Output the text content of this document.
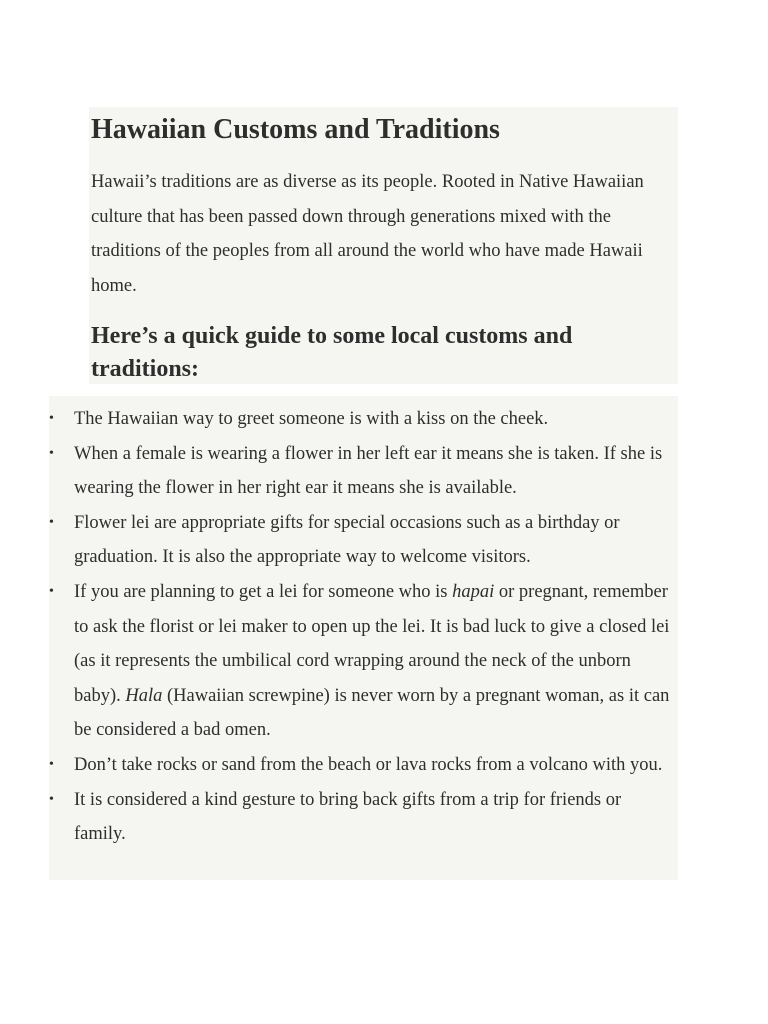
Hawaiian Customs and Traditions

Hawaii’s traditions are as diverse as its people. Rooted in Native Hawaiian culture that has been passed down through generations mixed with the traditions of the peoples from all around the world who have made Hawaii home.

Here’s a quick guide to some local customs and traditions:
• The Hawaiian way to greet someone is with a kiss on the cheek.
• When a female is wearing a flower in her left ear it means she is taken. If she is wearing the flower in her right ear it means she is available.
• Flower lei are appropriate gifts for special occasions such as a birthday or graduation. It is also the appropriate way to welcome visitors.
• If you are planning to get a lei for someone who is hapai or pregnant, remember to ask the florist or lei maker to open up the lei. It is bad luck to give a closed lei (as it represents the umbilical cord wrapping around the neck of the unborn baby). Hala (Hawaiian screwpine) is never worn by a pregnant woman, as it can be considered a bad omen.
• Don’t take rocks or sand from the beach or lava rocks from a volcano with you.
• It is considered a kind gesture to bring back gifts from a trip for friends or family.
